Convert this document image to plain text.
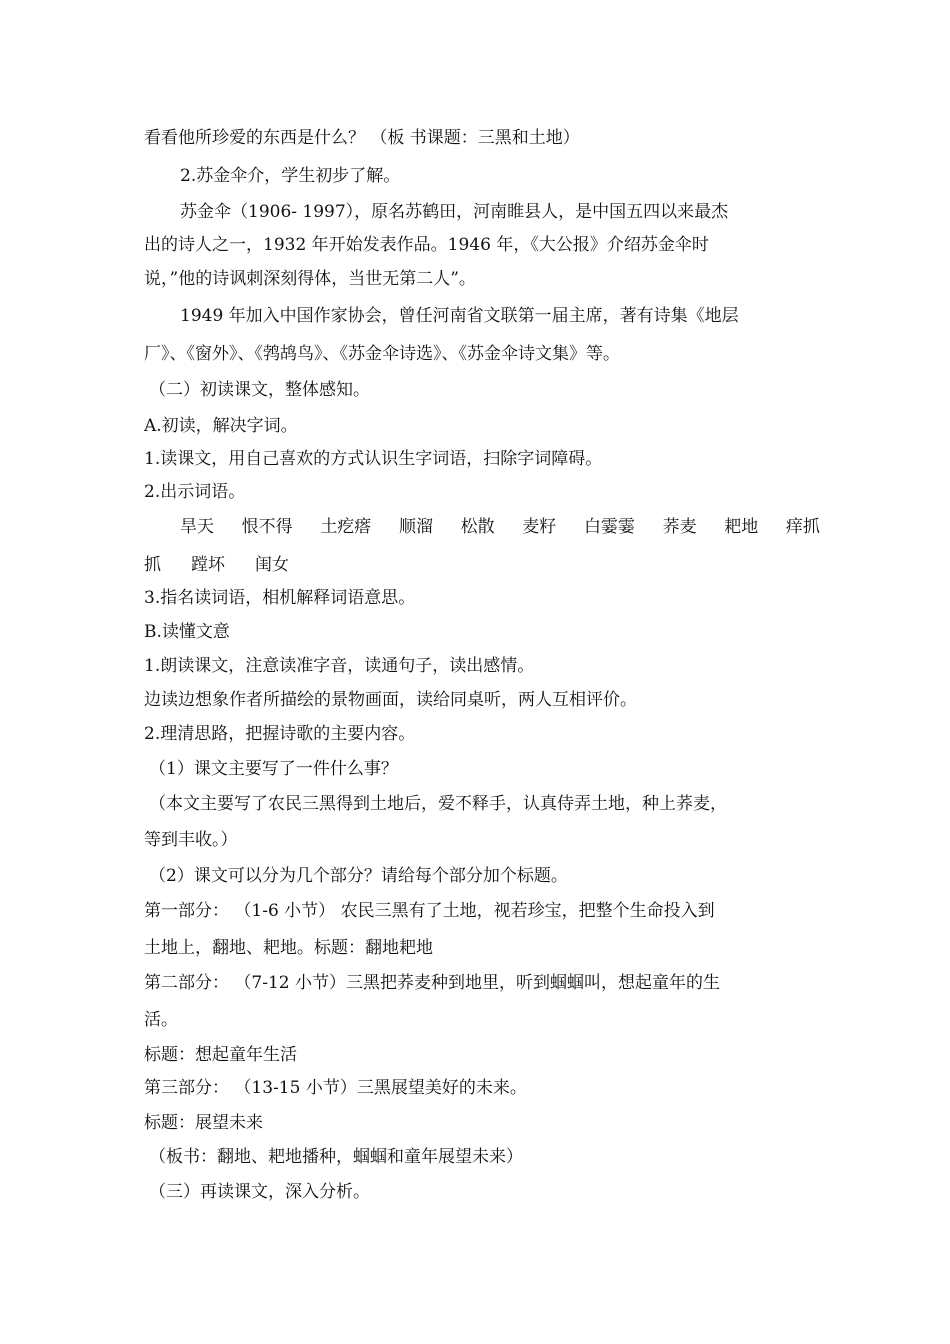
看看他所珍爱的东西是什么？ （板 书课题：三黑和土地）
2.苏金伞介，学生初步了解。
苏金伞（1906- 1997），原名苏鹤田，河南睢县人，是中国五四以来最杰
出的诗人之一，1932 年开始发表作品。1946 年，《大公报》介绍苏金伞时
说，”他的诗讽刺深刻得体，当世无第二人”。
1949 年加入中国作家协会，曾任河南省文联第一届主席，著有诗集《地层
厂》、《窗外》、《鹁鸪鸟》、《苏金伞诗选》、《苏金伞诗文集》等。
（二）初读课文，整体感知。
A.初读，解决字词。
1.读课文，用自己喜欢的方式认识生字词语，扫除字词障碍。
2.出示词语。
旱天 恨不得 土疙瘩 顺溜 松散 麦籽 白霎霎 荞麦 耙地 痒抓
抓 蹚坏 闺女
3.指名读词语，相机解释词语意思。
B.读懂文意
1.朗读课文，注意读准字音，读通句子，读出感情。
边读边想象作者所描绘的景物画面，读给同桌听，两人互相评价。
2.理清思路，把握诗歌的主要内容。
（1）课文主要写了一件什么事？
（本文主要写了农民三黑得到土地后，爱不释手，认真侍弄土地，种上荞麦，
等到丰收。）
（2）课文可以分为几个部分？请给每个部分加个标题。
第一部分： （1-6 小节） 农民三黑有了土地，视若珍宝，把整个生命投入到
土地上，翻地、耙地。标题：翻地耙地
第二部分： （7-12 小节）三黑把荞麦种到地里，听到蝈蝈叫，想起童年的生
活。
标题：想起童年生活
第三部分： （13-15 小节）三黑展望美好的未来。
标题：展望未来
（板书：翻地、耙地播种，蝈蝈和童年展望未来）
（三）再读课文，深入分析。
